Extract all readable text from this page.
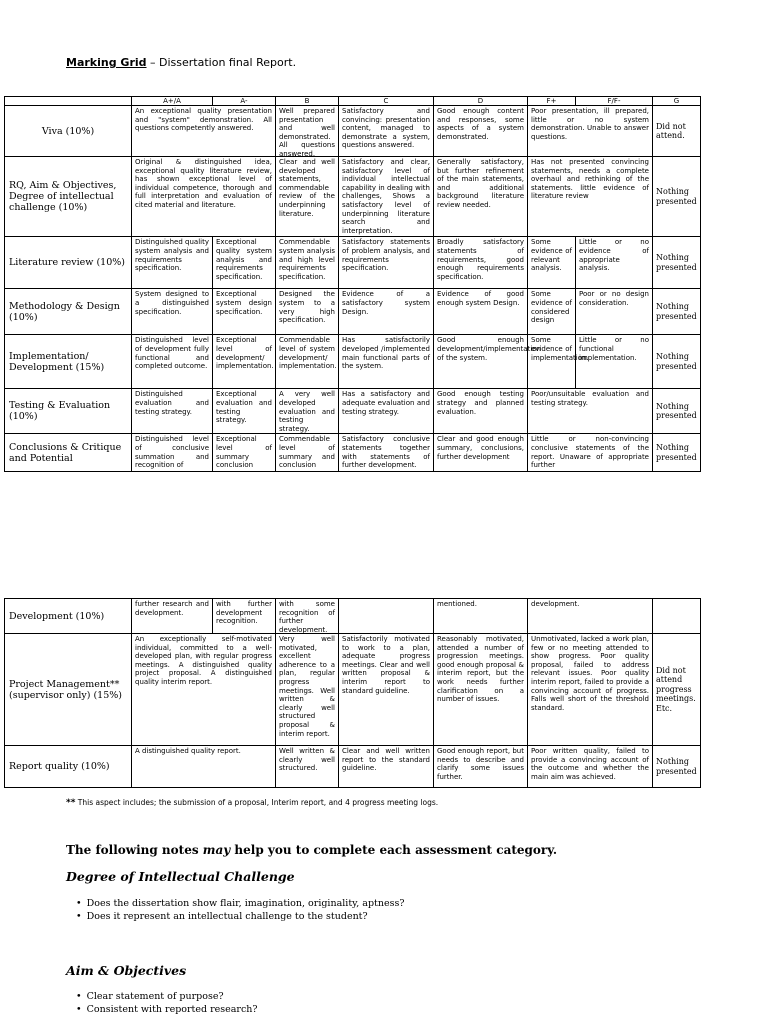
Marking Grid – Dissertation final Report.
	A+/A	A-	B	C	D	F+	F/F-	G
Viva (10%)	An exceptional quality presentation and "system" demonstration. All questions competently answered.		Well prepared presentation and well demonstrated. All questions answered.	Satisfactory and convincing: presentation content, managed to demonstrate a system, questions answered.	Good enough content and responses, some aspects of a system demonstrated.	Poor presentation, ill prepared, little or no system demonstration. Unable to answer questions.		Did not attend.
RQ, Aim & Objectives, Degree of intellectual challenge (10%)	Original & distinguished idea, exceptional quality literature review, has shown exceptional level of individual competence, thorough and full interpretation and evaluation of cited material and literature.		Clear and well developed statements, commendable review of the underpinning literature.	Satisfactory and clear, satisfactory level of individual intellectual capability in dealing with challenges, Shows a satisfactory level of underpinning literature search and interpretation.	Generally satisfactory, but further refinement of the main statements, and additional background literature review needed.	Has not presented convincing statements, needs a complete overhaul and rethinking of the statements. little evidence of literature review		Nothing presented
Literature review (10%)	Distinguished quality system analysis and requirements specification.	Exceptional quality system analysis and requirements specification.	Commendable system analysis and high level requirements specification.	Satisfactory statements of problem analysis, and requirements specification.	Broadly satisfactory statements of requirements, good enough requirements specification.	Some evidence of relevant analysis.	Little or no evidence of appropriate analysis.	Nothing presented
Methodology & Design (10%)	System designed to a distinguished specification.	Exceptional system design specification.	Designed the system to a very high specification.	Evidence of a satisfactory system Design.	Evidence of good enough system Design.	Some evidence of considered design	Poor or no design consideration.	Nothing presented
Implementation/ Development (15%)	Distinguished level of development fully functional and completed outcome.	Exceptional level of development/ implementation.	Commendable level of system development/ implementation.	Has satisfactorily developed /implemented main functional parts of the system.	Good enough development/implementation of the system.	Some evidence of implementation.	Little or no functional implementation.	Nothing presented
Testing & Evaluation (10%)	Distinguished evaluation and testing strategy.	Exceptional evaluation and testing strategy.	A very well developed evaluation and testing strategy.	Has a satisfactory and adequate evaluation and testing strategy.	Good enough testing strategy and planned evaluation.	Poor/unsuitable evaluation and testing strategy.		Nothing presented
Conclusions & Critique and Potential	Distinguished level of conclusive summation and recognition of	Exceptional level of summary conclusion	Commendable level of summary and conclusion	Satisfactory conclusive statements together with statements of further development.	Clear and good enough summary, conclusions, further development	Little or non-convincing conclusive statements of the report. Unaware of appropriate further		Nothing presented
Development (10%)	further research and development.	with further development recognition.	with some recognition of further development.		mentioned.	development.	

Project Management** (supervisor only) (15%)	An exceptionally self-motivated individual, committed to a well-developed plan, with regular progress meetings. A distinguished quality project proposal. A distinguished quality interim report.		Very well motivated, excellent adherence to a plan, regular progress meetings. Well written & clearly well structured proposal & interim report.	Satisfactorily motivated to work to a plan, adequate progress meetings. Clear and well written proposal & interim report to standard guideline.	Reasonably motivated, attended a number of progression meetings. good enough proposal & interim report, but the work needs further clarification on a number of issues.	Unmotivated, lacked a work plan, few or no meeting attended to show progress. Poor quality proposal, failed to address relevant issues. Poor quality interim report, failed to provide a convincing account of progress. Falls well short of the threshold standard.	Did not attend progress meetings. Etc.
Report quality (10%)	A distinguished quality report.		Well written & clearly well structured.	Clear and well written report to the standard guideline.	Good enough report, but needs to describe and clarify some issues further.	Poor written quality, failed to provide a convincing account of the outcome and whether the main aim was achieved.	Nothing presented
** This aspect includes; the submission of a proposal, Interim report, and 4 progress meeting logs.
The following notes may help you to complete each assessment category.
Degree of Intellectual Challenge
• Does the dissertation show flair, imagination, originality, aptness?
• Does it represent an intellectual challenge to the student?
Aim & Objectives
• Clear statement of purpose?
• Consistent with reported research?
